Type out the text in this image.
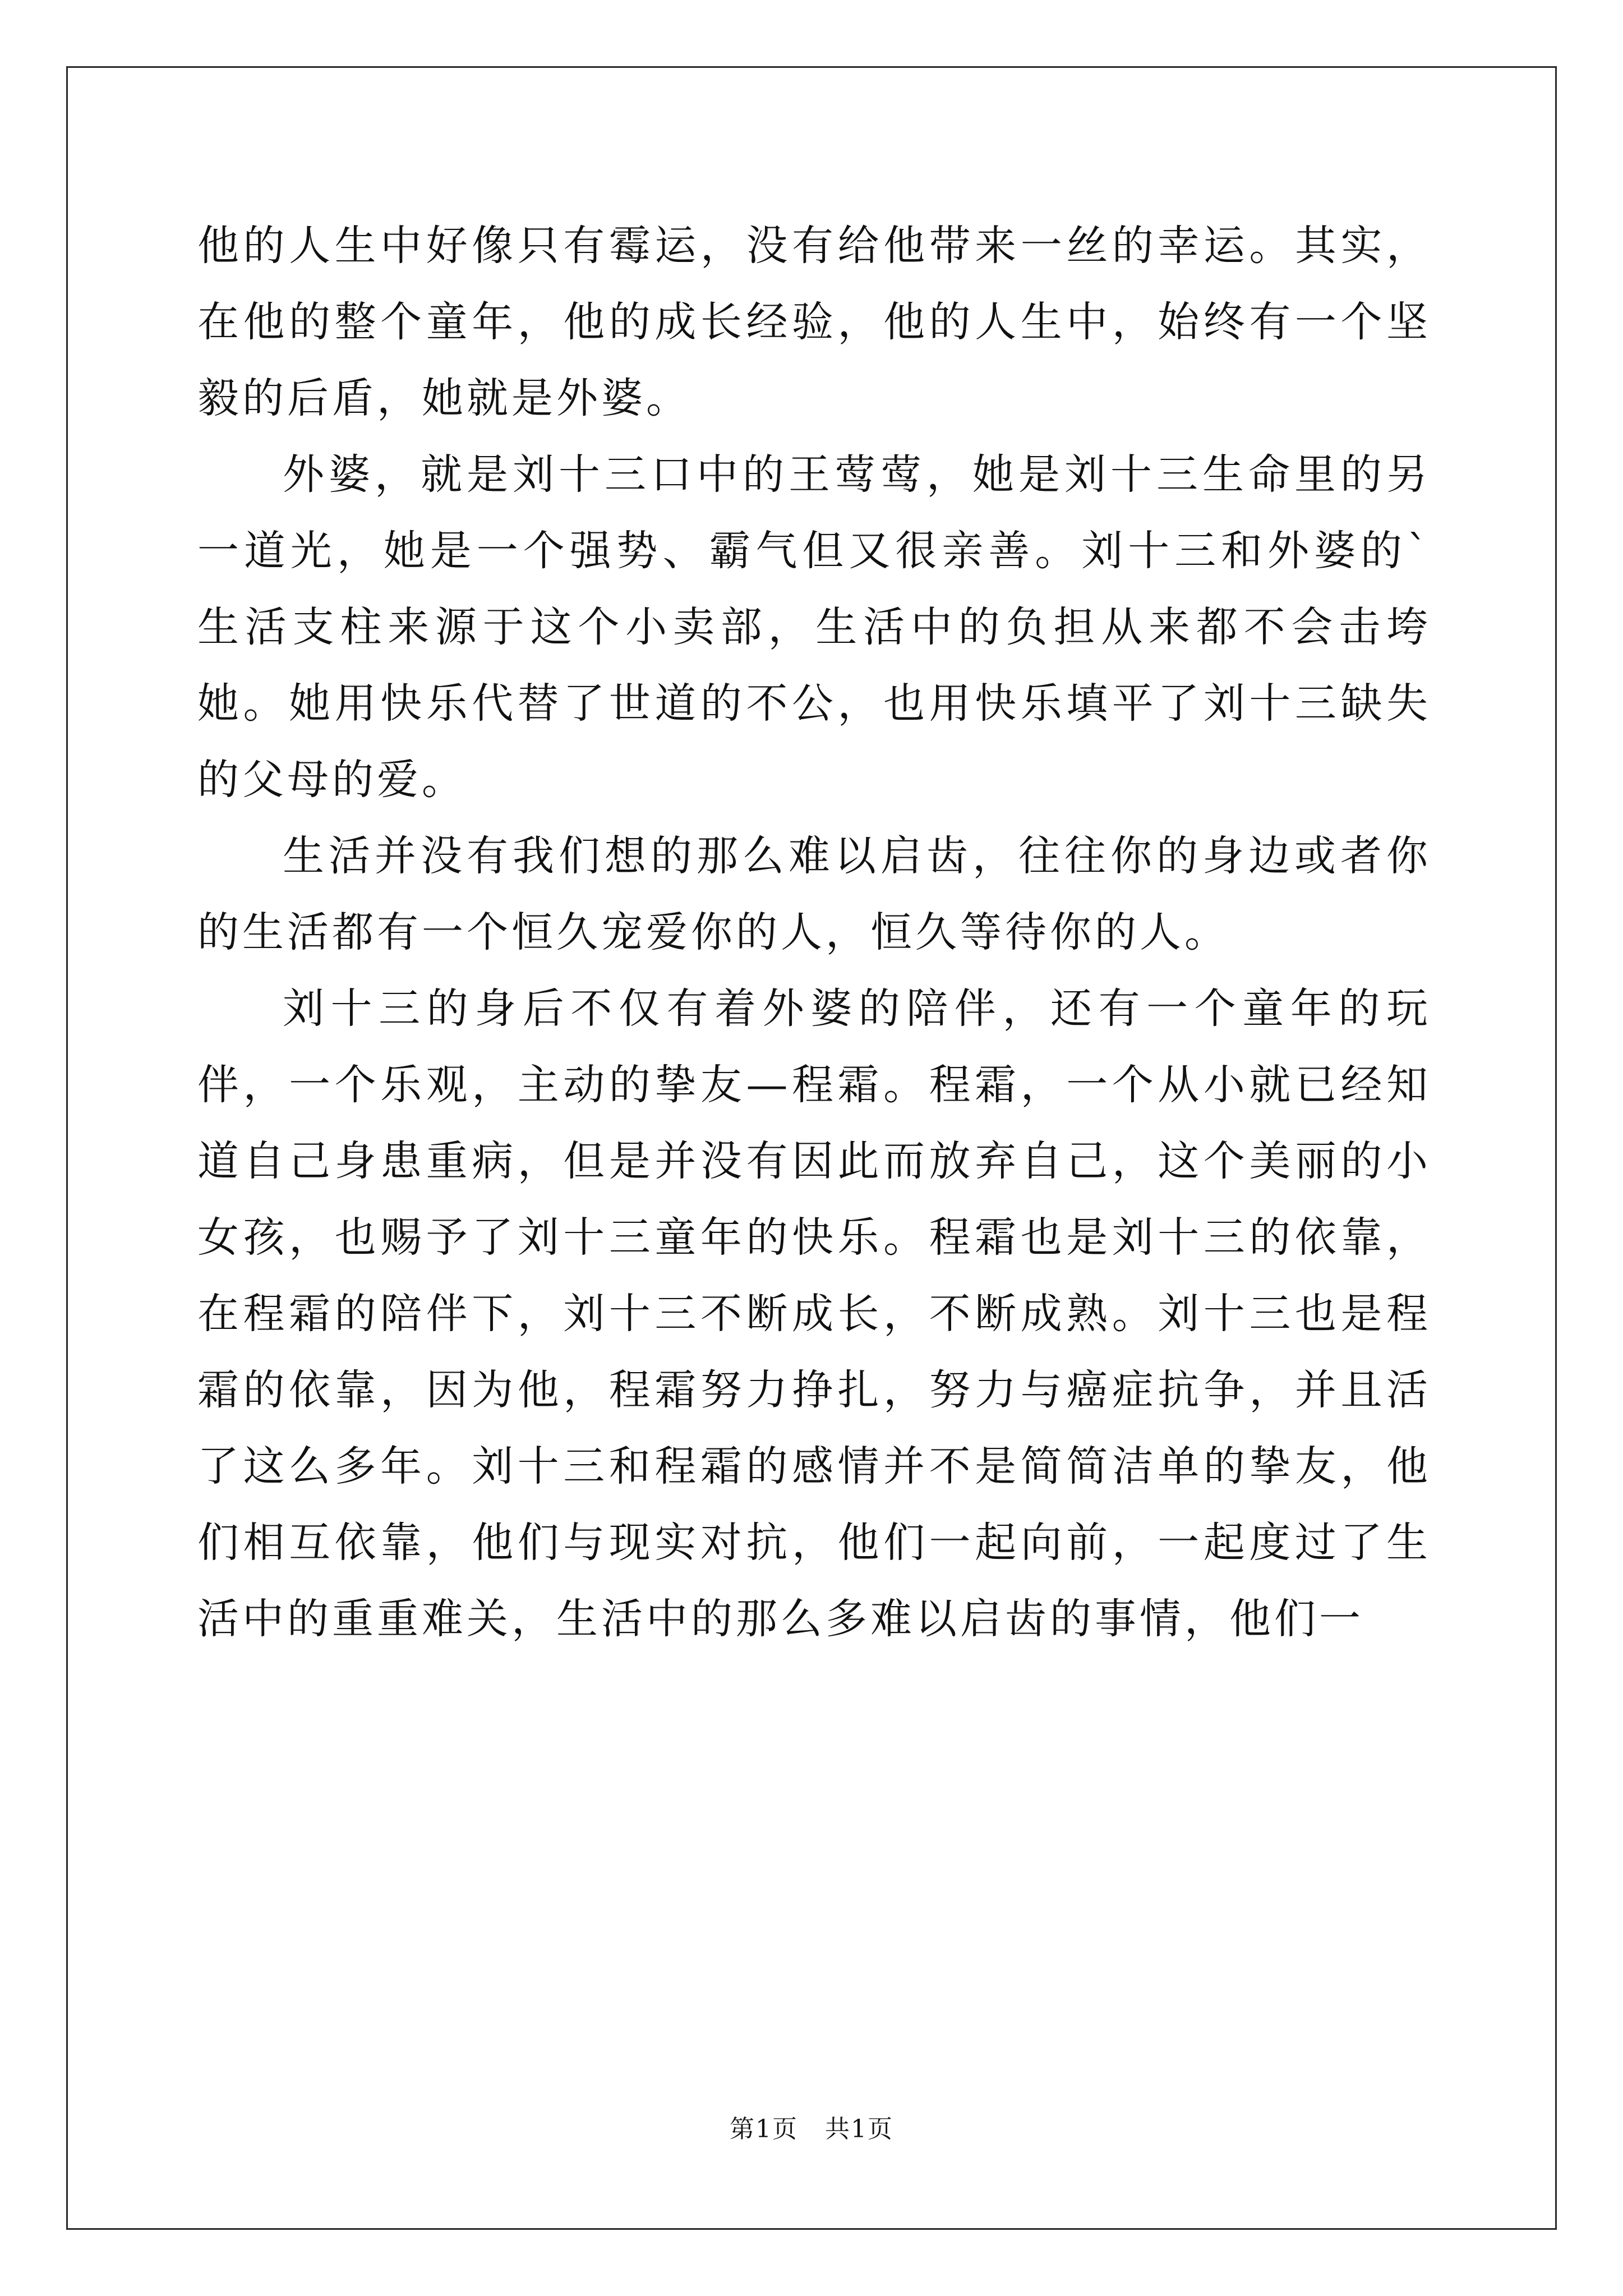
他的人生中好像只有霉运，没有给他带来一丝的幸运。其实，在他的整个童年，他的成长经验，他的人生中，始终有一个坚毅的后盾，她就是外婆。

外婆，就是刘十三口中的王莺莺，她是刘十三生命里的另一道光，她是一个强势、霸气但又很亲善。刘十三和外婆的`生活支柱来源于这个小卖部，生活中的负担从来都不会击垮她。她用快乐代替了世道的不公，也用快乐填平了刘十三缺失的父母的爱。

生活并没有我们想的那么难以启齿，往往你的身边或者你的生活都有一个恒久宠爱你的人，恒久等待你的人。

刘十三的身后不仅有着外婆的陪伴，还有一个童年的玩伴，一个乐观，主动的挚友—程霜。程霜，一个从小就已经知道自己身患重病，但是并没有因此而放弃自己，这个美丽的小女孩，也赐予了刘十三童年的快乐。程霜也是刘十三的依靠，在程霜的陪伴下，刘十三不断成长，不断成熟。刘十三也是程霜的依靠，因为他，程霜努力挣扎，努力与癌症抗争，并且活了这么多年。刘十三和程霜的感情并不是简简洁单的挚友，他们相互依靠，他们与现实对抗，他们一起向前，一起度过了生活中的重重难关，生活中的那么多难以启齿的事情，他们一

第1页 共1页
